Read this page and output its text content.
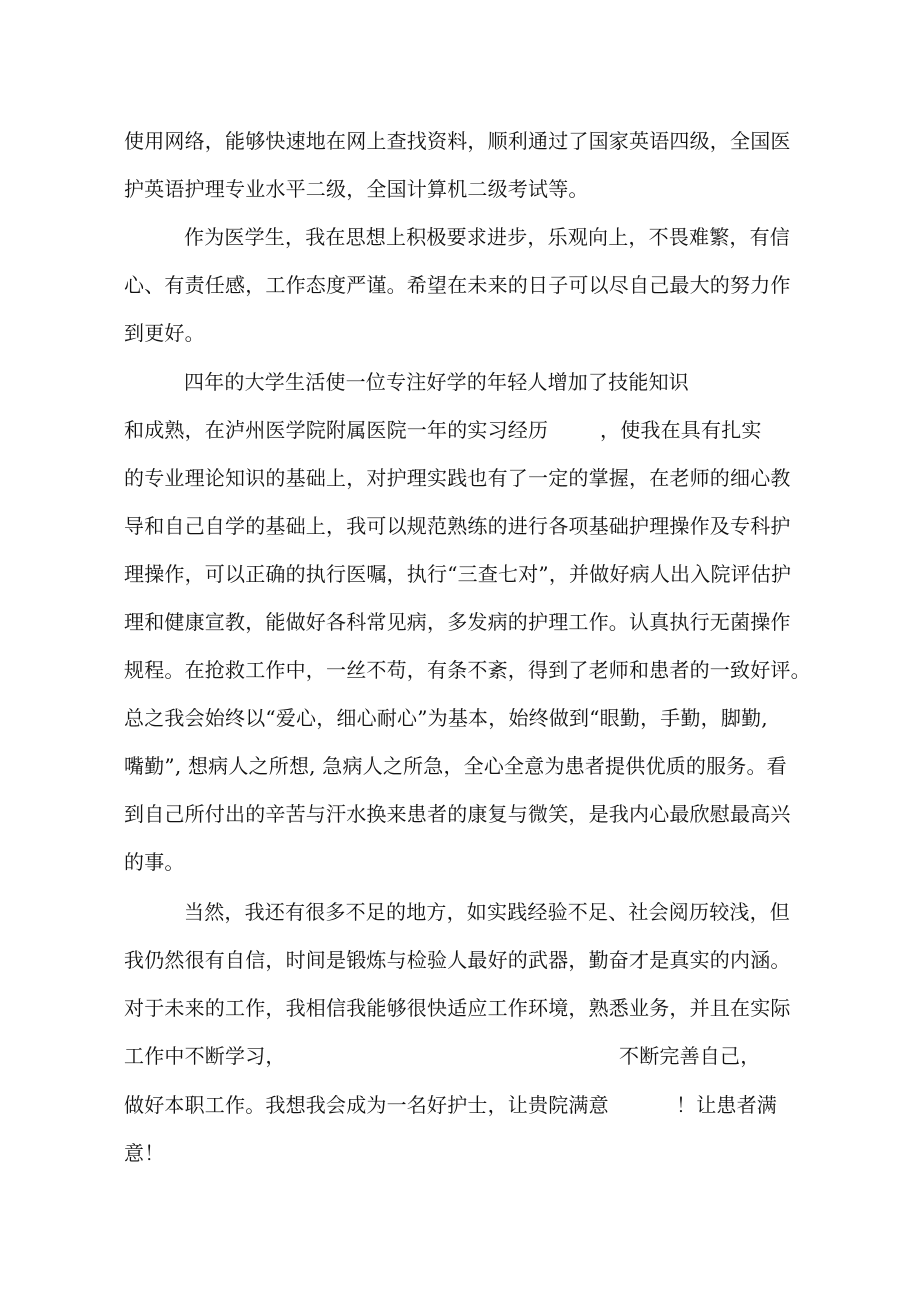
使用网络，能够快速地在网上查找资料，顺利通过了国家英语四级，全国医
护英语护理专业水平二级，全国计算机二级考试等。
作为医学生，我在思想上积极要求进步，乐观向上，不畏难繁，有信
心、有责任感，工作态度严谨。希望在未来的日子可以尽自己最大的努力作
到更好。
四年的大学生活使一位专注好学的年轻人增加了技能知识
和成熟，在泸州医学院附属医院一年的实习经历	，使我在具有扎实
的专业理论知识的基础上，对护理实践也有了一定的掌握，在老师的细心教
导和自己自学的基础上，我可以规范熟练的进行各项基础护理操作及专科护
理操作，可以正确的执行医嘱，执行“三查七对”，并做好病人出入院评估护
理和健康宣教，能做好各科常见病，多发病的护理工作。认真执行无菌操作
规程。在抢救工作中，一丝不苟，有条不紊，得到了老师和患者的一致好评。
总之我会始终以“爱心，细心耐心”为基本，始终做到“眼勤，手勤，脚勤,
嘴勤”, 想病人之所想, 急病人之所急，全心全意为患者提供优质的服务。看
到自己所付出的辛苦与汗水换来患者的康复与微笑，是我内心最欣慰最高兴
的事。
当然，我还有很多不足的地方，如实践经验不足、社会阅历较浅，但
我仍然很有自信，时间是锻炼与检验人最好的武器，勤奋才是真实的内涵。
对于未来的工作，我相信我能够很快适应工作环境，熟悉业务，并且在实际
工作中不断学习，	不断完善自己，
做好本职工作。我想我会成为一名好护士，让贵院满意	！让患者满
意！
